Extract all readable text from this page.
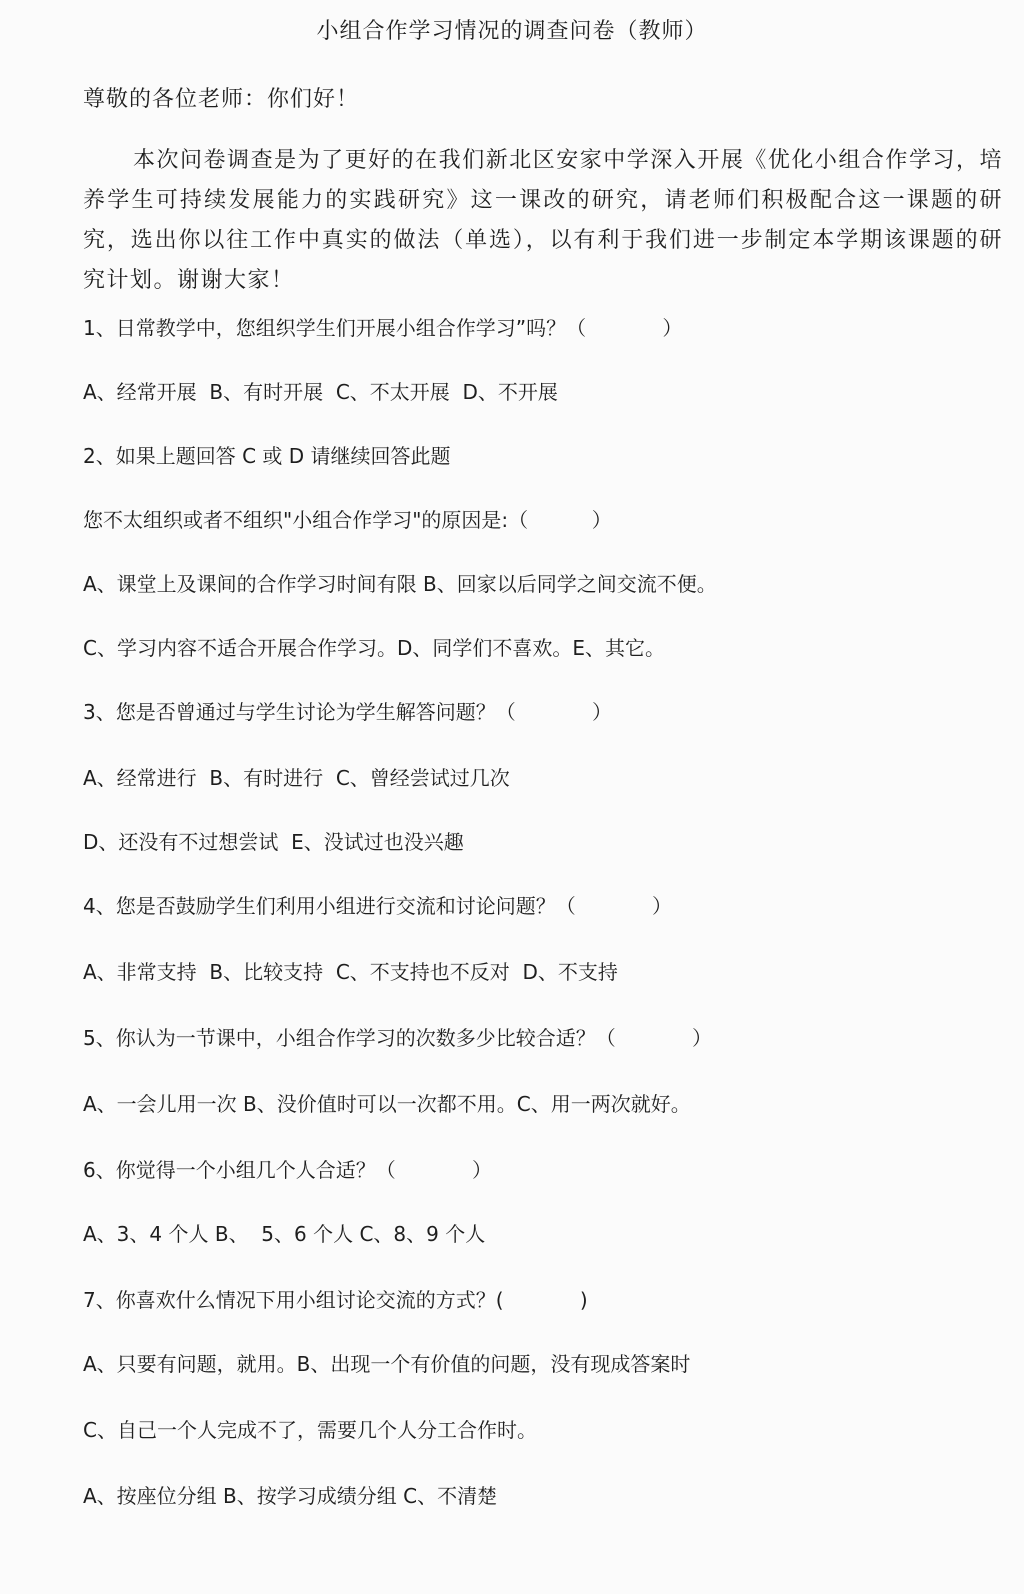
小组合作学习情况的调查问卷（教师）
尊敬的各位老师：你们好！
本次问卷调查是为了更好的在我们新北区安家中学深入开展《优化小组合作学习，培养学生可持续发展能力的实践研究》这一课改的研究，请老师们积极配合这一课题的研究，选出你以往工作中真实的做法（单选），以有利于我们进一步制定本学期该课题的研究计划。谢谢大家！
1、日常教学中，您组织学生们开展小组合作学习”吗？（            ）
A、经常开展  B、有时开展  C、不太开展  D、不开展
2、如果上题回答 C 或 D 请继续回答此题
您不太组织或者不组织"小组合作学习"的原因是:（          ）
A、课堂上及课间的合作学习时间有限 B、回家以后同学之间交流不便。
C、学习内容不适合开展合作学习。D、同学们不喜欢。E、其它。
3、您是否曾通过与学生讨论为学生解答问题？（            ）
A、经常进行  B、有时进行  C、曾经尝试过几次
D、还没有不过想尝试  E、没试过也没兴趣
4、您是否鼓励学生们利用小组进行交流和讨论问题？（            ）
A、非常支持  B、比较支持  C、不支持也不反对  D、不支持
5、你认为一节课中，小组合作学习的次数多少比较合适？（            ）
A、一会儿用一次 B、没价值时可以一次都不用。C、用一两次就好。
6、你觉得一个小组几个人合适？（            ）
A、3、4 个人 B、  5、6 个人 C、8、9 个人
7、你喜欢什么情况下用小组讨论交流的方式？(            )
A、只要有问题，就用。B、出现一个有价值的问题，没有现成答案时
C、自己一个人完成不了，需要几个人分工合作时。
A、按座位分组 B、按学习成绩分组 C、不清楚
